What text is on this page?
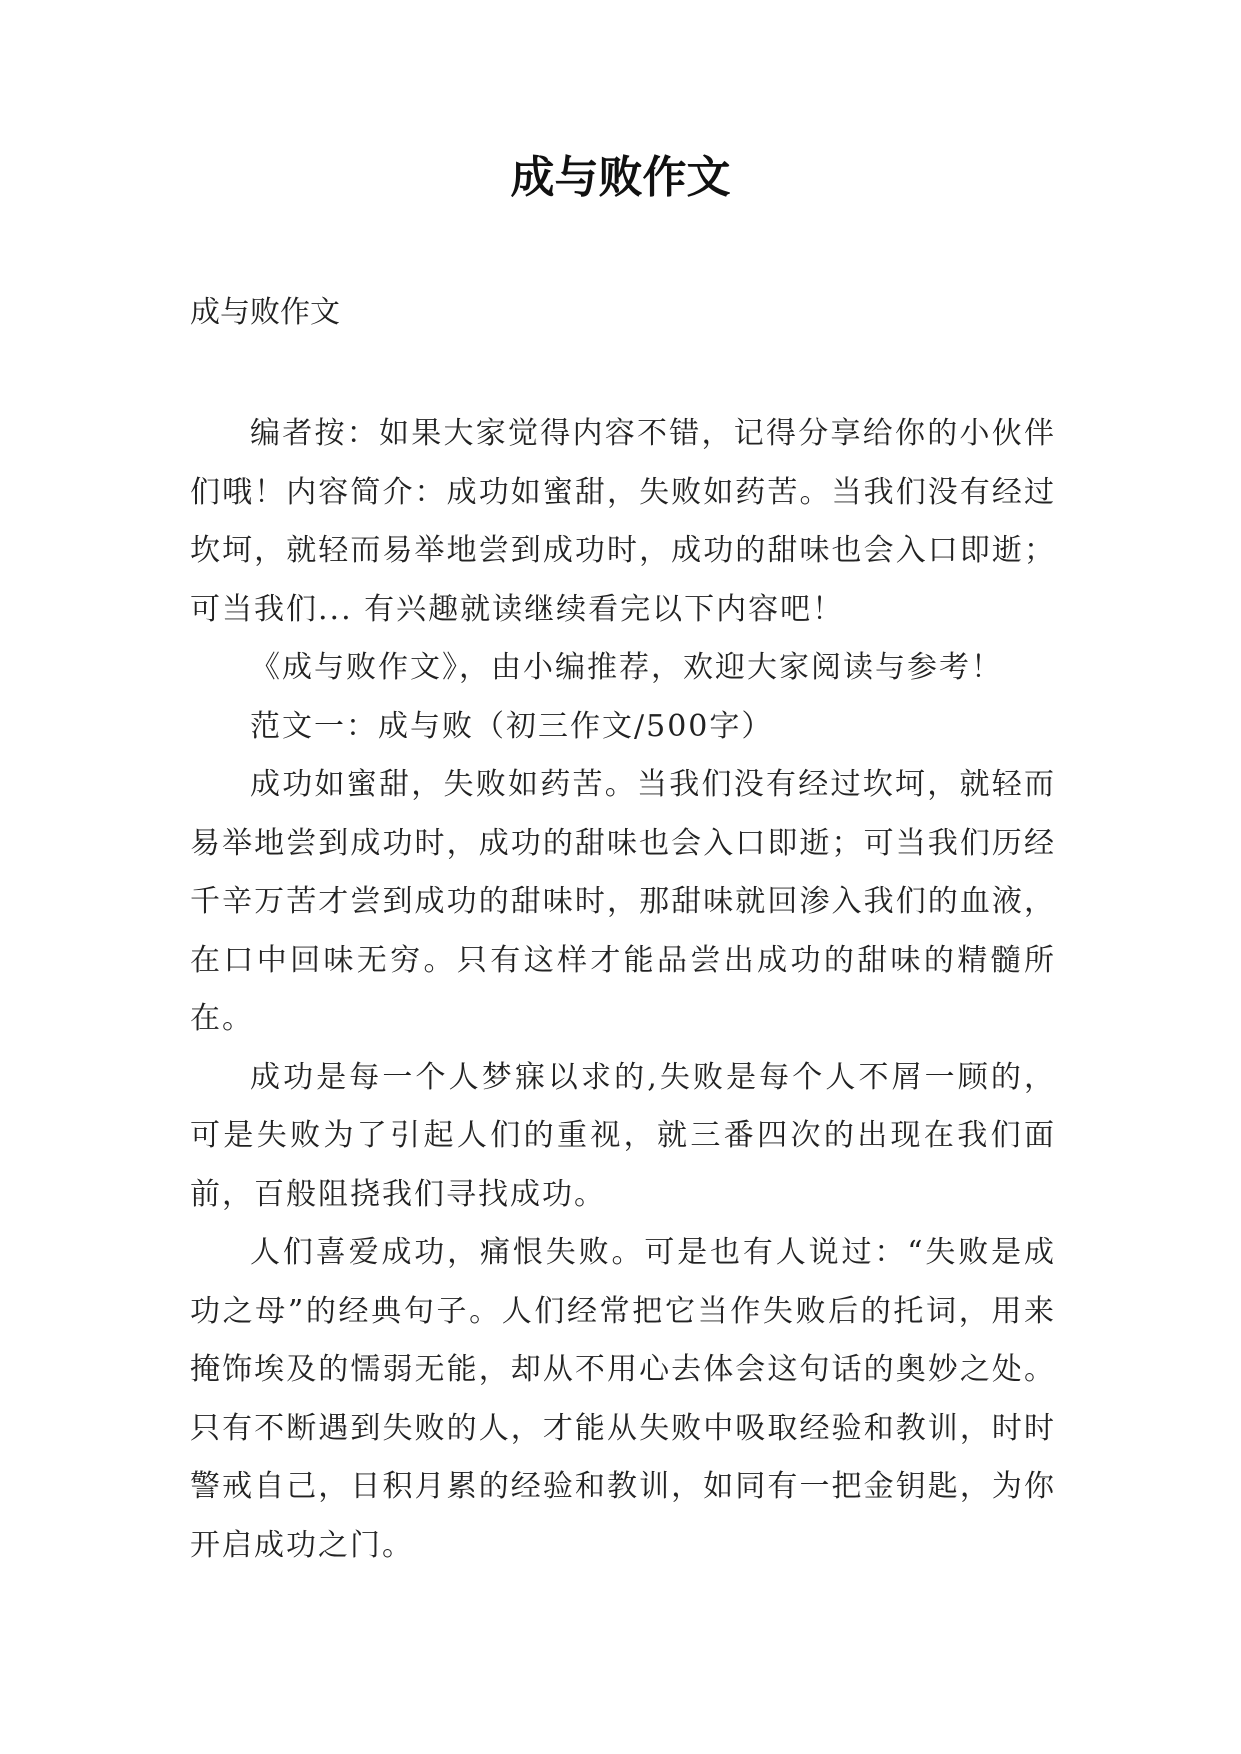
成与败作文
成与败作文

编者按：如果大家觉得内容不错，记得分享给你的小伙伴们哦！内容简介：成功如蜜甜，失败如药苦。当我们没有经过坎坷，就轻而易举地尝到成功时，成功的甜味也会入口即逝；可当我们... 有兴趣就读继续看完以下内容吧！

《成与败作文》，由小编推荐，欢迎大家阅读与参考！

范文一：成与败（初三作文/500字）

成功如蜜甜，失败如药苦。当我们没有经过坎坷，就轻而易举地尝到成功时，成功的甜味也会入口即逝；可当我们历经千辛万苦才尝到成功的甜味时，那甜味就回渗入我们的血液，在口中回味无穷。只有这样才能品尝出成功的甜味的精髓所在。

成功是每一个人梦寐以求的,失败是每个人不屑一顾的，可是失败为了引起人们的重视，就三番四次的出现在我们面前，百般阻挠我们寻找成功。

人们喜爱成功，痛恨失败。可是也有人说过：“失败是成功之母”的经典句子。人们经常把它当作失败后的托词，用来掩饰埃及的懦弱无能，却从不用心去体会这句话的奥妙之处。只有不断遇到失败的人，才能从失败中吸取经验和教训，时时警戒自己，日积月累的经验和教训，如同有一把金钥匙，为你开启成功之门。
